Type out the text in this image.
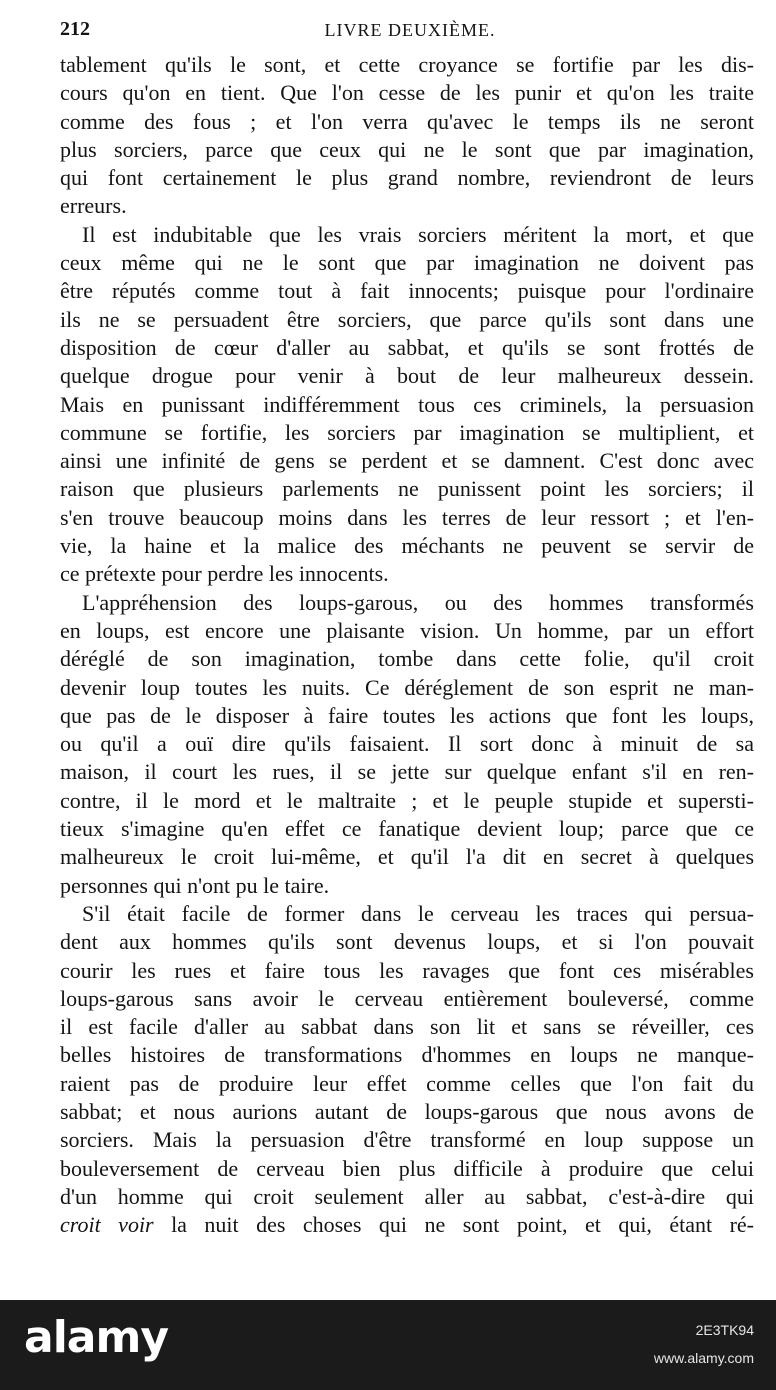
212	LIVRE DEUXIÈME.

tablement qu'ils le sont, et cette croyance se fortifie par les dis-
cours qu'on en tient. Que l'on cesse de les punir et qu'on les traite
comme des fous ; et l'on verra qu'avec le temps ils ne seront
plus sorciers, parce que ceux qui ne le sont que par imagination,
qui font certainement le plus grand nombre, reviendront de leurs
erreurs.

Il est indubitable que les vrais sorciers méritent la mort, et que
ceux même qui ne le sont que par imagination ne doivent pas
être réputés comme tout à fait innocents; puisque pour l'ordinaire
ils ne se persuadent être sorciers, que parce qu'ils sont dans une
disposition de cœur d'aller au sabbat, et qu'ils se sont frottés de
quelque drogue pour venir à bout de leur malheureux dessein.
Mais en punissant indifféremment tous ces criminels, la persuasion
commune se fortifie, les sorciers par imagination se multiplient, et
ainsi une infinité de gens se perdent et se damnent. C'est donc avec
raison que plusieurs parlements ne punissent point les sorciers; il
s'en trouve beaucoup moins dans les terres de leur ressort ; et l'en-
vie, la haine et la malice des méchants ne peuvent se servir de
ce prétexte pour perdre les innocents.

L'appréhension des loups-garous, ou des hommes transformés
en loups, est encore une plaisante vision. Un homme, par un effort
déréglé de son imagination, tombe dans cette folie, qu'il croit
devenir loup toutes les nuits. Ce déréglement de son esprit ne man-
que pas de le disposer à faire toutes les actions que font les loups,
ou qu'il a ouï dire qu'ils faisaient. Il sort donc à minuit de sa
maison, il court les rues, il se jette sur quelque enfant s'il en ren-
contre, il le mord et le maltraite ; et le peuple stupide et supersti-
tieux s'imagine qu'en effet ce fanatique devient loup; parce que ce
malheureux le croit lui-même, et qu'il l'a dit en secret à quelques
personnes qui n'ont pu le taire.

S'il était facile de former dans le cerveau les traces qui persua-
dent aux hommes qu'ils sont devenus loups, et si l'on pouvait
courir les rues et faire tous les ravages que font ces misérables
loups-garous sans avoir le cerveau entièrement bouleversé, comme
il est facile d'aller au sabbat dans son lit et sans se réveiller, ces
belles histoires de transformations d'hommes en loups ne manque-
raient pas de produire leur effet comme celles que l'on fait du
sabbat; et nous aurions autant de loups-garous que nous avons de
sorciers. Mais la persuasion d'être transformé en loup suppose un
bouleversement de cerveau bien plus difficile à produire que celui
d'un homme qui croit seulement aller au sabbat, c'est-à-dire qui
croit voir la nuit des choses qui ne sont point, et qui, étant ré-

alamy	2E3TK94
www.alamy.com
